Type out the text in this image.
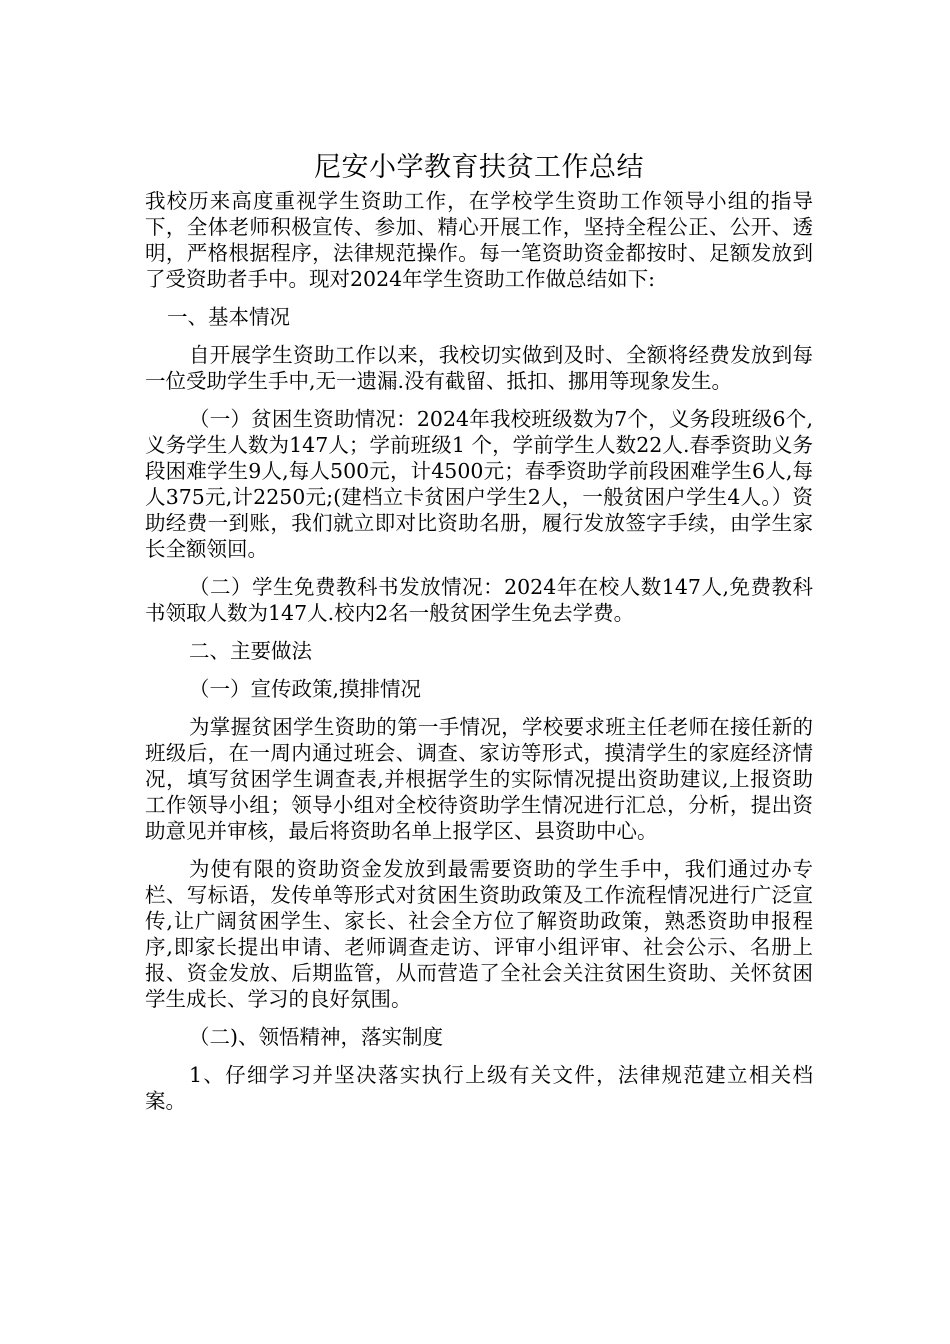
尼安小学教育扶贫工作总结

我校历来高度重视学生资助工作，在学校学生资助工作领导小组的指导下，全体老师积极宣传、参加、精心开展工作，坚持全程公正、公开、透明，严格根据程序，法律规范操作。每一笔资助资金都按时、足额发放到了受资助者手中。现对2024年学生资助工作做总结如下:

一、基本情况

自开展学生资助工作以来，我校切实做到及时、全额将经费发放到每一位受助学生手中,无一遗漏.没有截留、抵扣、挪用等现象发生。

（一）贫困生资助情况：2024年我校班级数为7个，义务段班级6个,义务学生人数为147人；学前班级1 个，学前学生人数22人.春季资助义务段困难学生9人,每人500元，计4500元；春季资助学前段困难学生6人,每人375元,计2250元;(建档立卡贫困户学生2人，一般贫困户学生4人。）资助经费一到账，我们就立即对比资助名册，履行发放签字手续，由学生家长全额领回。

（二）学生免费教科书发放情况：2024年在校人数147人,免费教科书领取人数为147人.校内2名一般贫困学生免去学费。

二、主要做法

（一）宣传政策,摸排情况

为掌握贫困学生资助的第一手情况，学校要求班主任老师在接任新的班级后，在一周内通过班会、调查、家访等形式，摸清学生的家庭经济情况，填写贫困学生调查表,并根据学生的实际情况提出资助建议,上报资助工作领导小组；领导小组对全校待资助学生情况进行汇总，分析，提出资助意见并审核，最后将资助名单上报学区、县资助中心。

为使有限的资助资金发放到最需要资助的学生手中，我们通过办专栏、写标语，发传单等形式对贫困生资助政策及工作流程情况进行广泛宣传,让广阔贫困学生、家长、社会全方位了解资助政策，熟悉资助申报程序,即家长提出申请、老师调查走访、评审小组评审、社会公示、名册上报、资金发放、后期监管，从而营造了全社会关注贫困生资助、关怀贫困学生成长、学习的良好氛围。

（二)、领悟精神，落实制度

1、仔细学习并坚决落实执行上级有关文件，法律规范建立相关档案。
